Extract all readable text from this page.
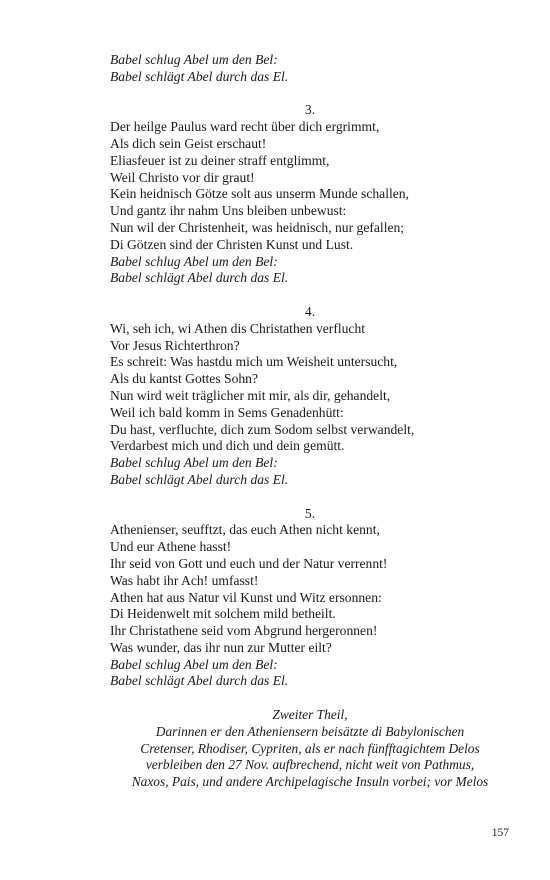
Babel schlug Abel um den Bel:
Babel schlägt Abel durch das El.
3.
Der heilge Paulus ward recht über dich ergrimmt,
Als dich sein Geist erschaut!
Eliasfeuer ist zu deiner straff entglimmt,
Weil Christo vor dir graut!
Kein heidnisch Götze solt aus unserm Munde schallen,
Und gantz ihr nahm Uns bleiben unbewust:
Nun wil der Christenheit, was heidnisch, nur gefallen;
Di Götzen sind der Christen Kunst und Lust.
Babel schlug Abel um den Bel:
Babel schlägt Abel durch das El.
4.
Wi, seh ich, wi Athen dis Christathen verflucht
Vor Jesus Richterthron?
Es schreit: Was hastdu mich um Weisheit untersucht,
Als du kantst Gottes Sohn?
Nun wird weit träglicher mit mir, als dir, gehandelt,
Weil ich bald komm in Sems Genadenhütt:
Du hast, verfluchte, dich zum Sodom selbst verwandelt,
Verdarbest mich und dich und dein gemütt.
Babel schlug Abel um den Bel:
Babel schlägt Abel durch das El.
5.
Athenienser, seufftzt, das euch Athen nicht kennt,
Und eur Athene hasst!
Ihr seid von Gott und euch und der Natur verrennt!
Was habt ihr Ach! umfasst!
Athen hat aus Natur vil Kunst und Witz ersonnen:
Di Heidenwelt mit solchem mild betheilt.
Ihr Christathene seid vom Abgrund hergeronnen!
Was wunder, das ihr nun zur Mutter eilt?
Babel schlug Abel um den Bel:
Babel schlägt Abel durch das El.
Zweiter Theil,
Darinnen er den Atheniensern beisätzte di Babylonischen
Cretenser, Rhodiser, Cypriten, als er nach fünfftagichtem Delos
verbleiben den 27 Nov. aufbrechend, nicht weit von Pathmus,
Naxos, Pais, und andere Archipelagische Insuln vorbei; vor Melos
157
